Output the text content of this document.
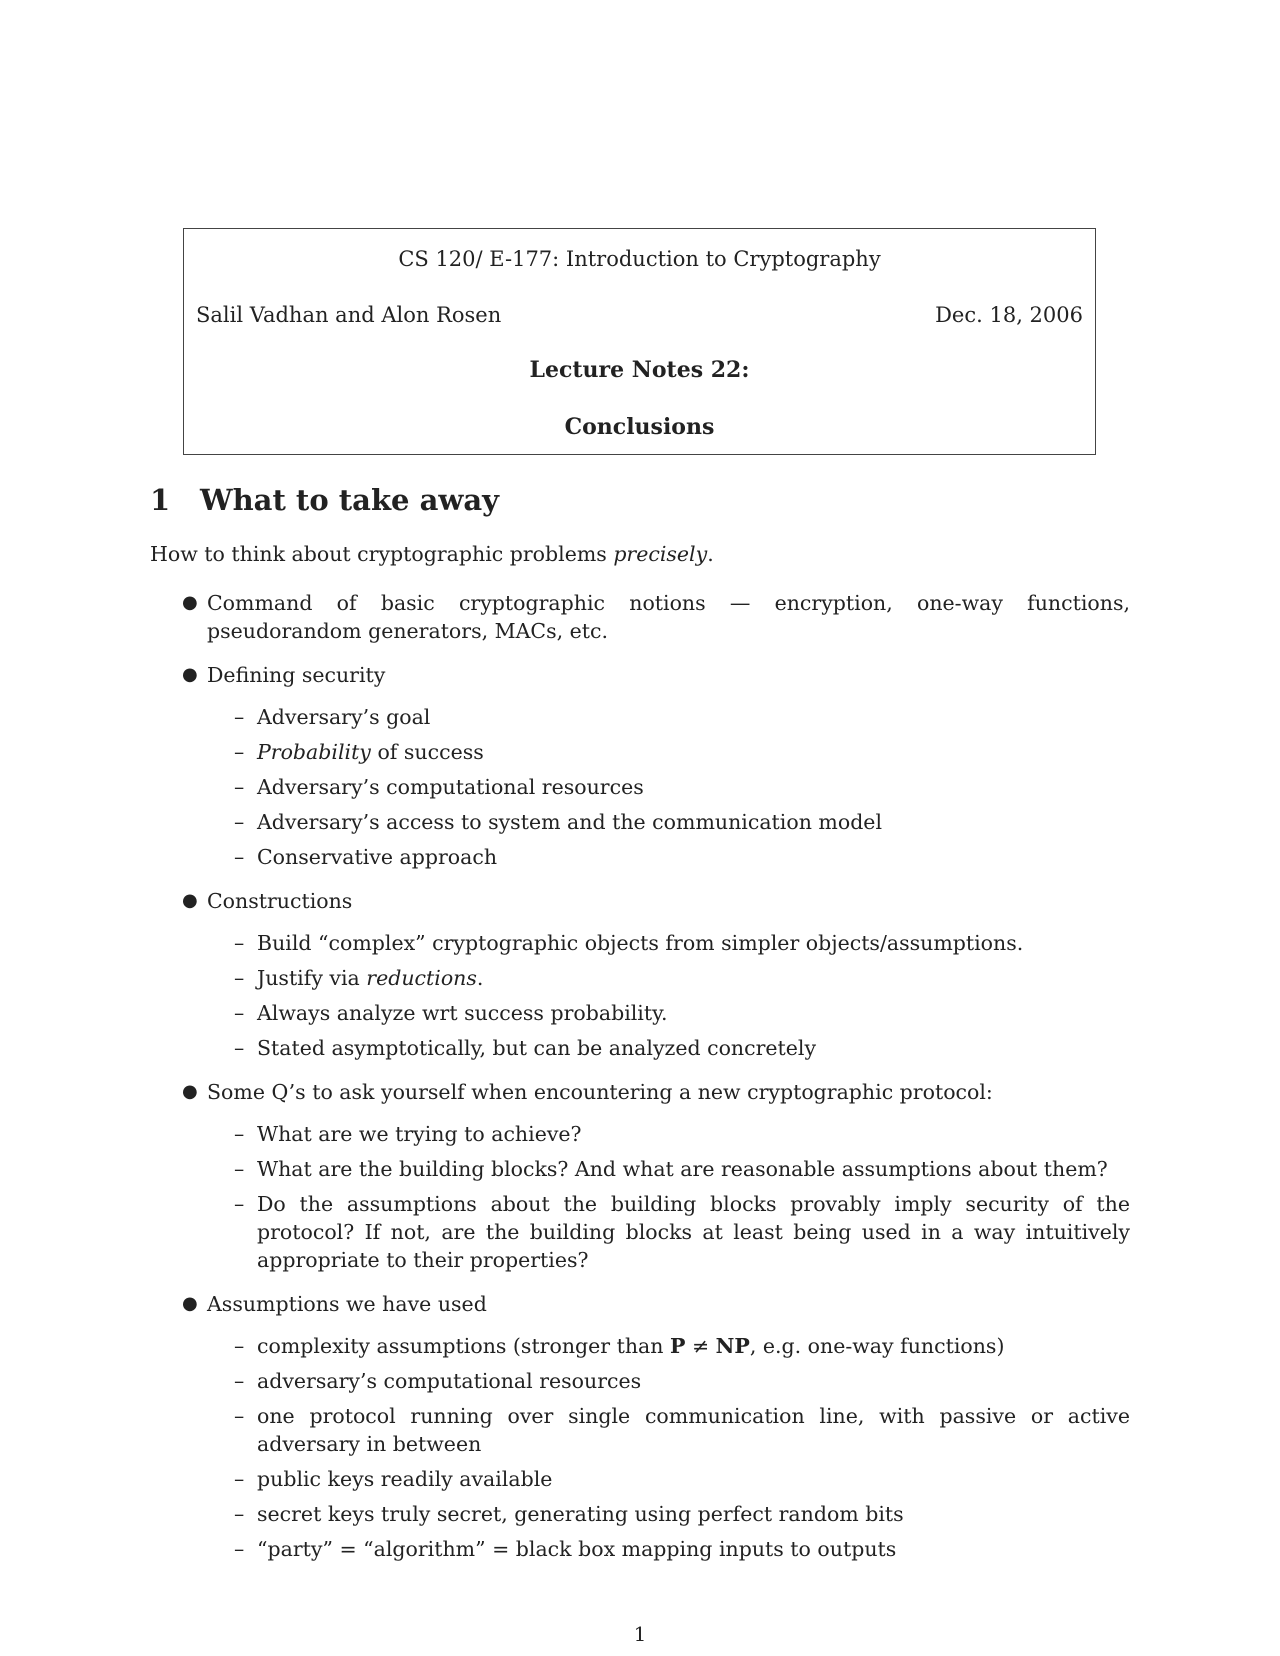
CS 120/ E-177: Introduction to Cryptography
Salil Vadhan and Alon Rosen	Dec. 18, 2006
Lecture Notes 22:
Conclusions
1 What to take away

How to think about cryptographic problems precisely.

● Command of basic cryptographic notions — encryption, one-way functions, pseudorandom generators, MACs, etc.
● Defining security
– Adversary’s goal
– Probability of success
– Adversary’s computational resources
– Adversary’s access to system and the communication model
– Conservative approach
● Constructions
– Build “complex” cryptographic objects from simpler objects/assumptions.
– Justify via reductions.
– Always analyze wrt success probability.
– Stated asymptotically, but can be analyzed concretely
● Some Q’s to ask yourself when encountering a new cryptographic protocol:
– What are we trying to achieve?
– What are the building blocks? And what are reasonable assumptions about them?
– Do the assumptions about the building blocks provably imply security of the protocol? If not, are the building blocks at least being used in a way intuitively appropriate to their properties?
● Assumptions we have used
– complexity assumptions (stronger than P ≠ NP, e.g. one-way functions)
– adversary’s computational resources
– one protocol running over single communication line, with passive or active adversary in between
– public keys readily available
– secret keys truly secret, generating using perfect random bits
– “party” = “algorithm” = black box mapping inputs to outputs
1
